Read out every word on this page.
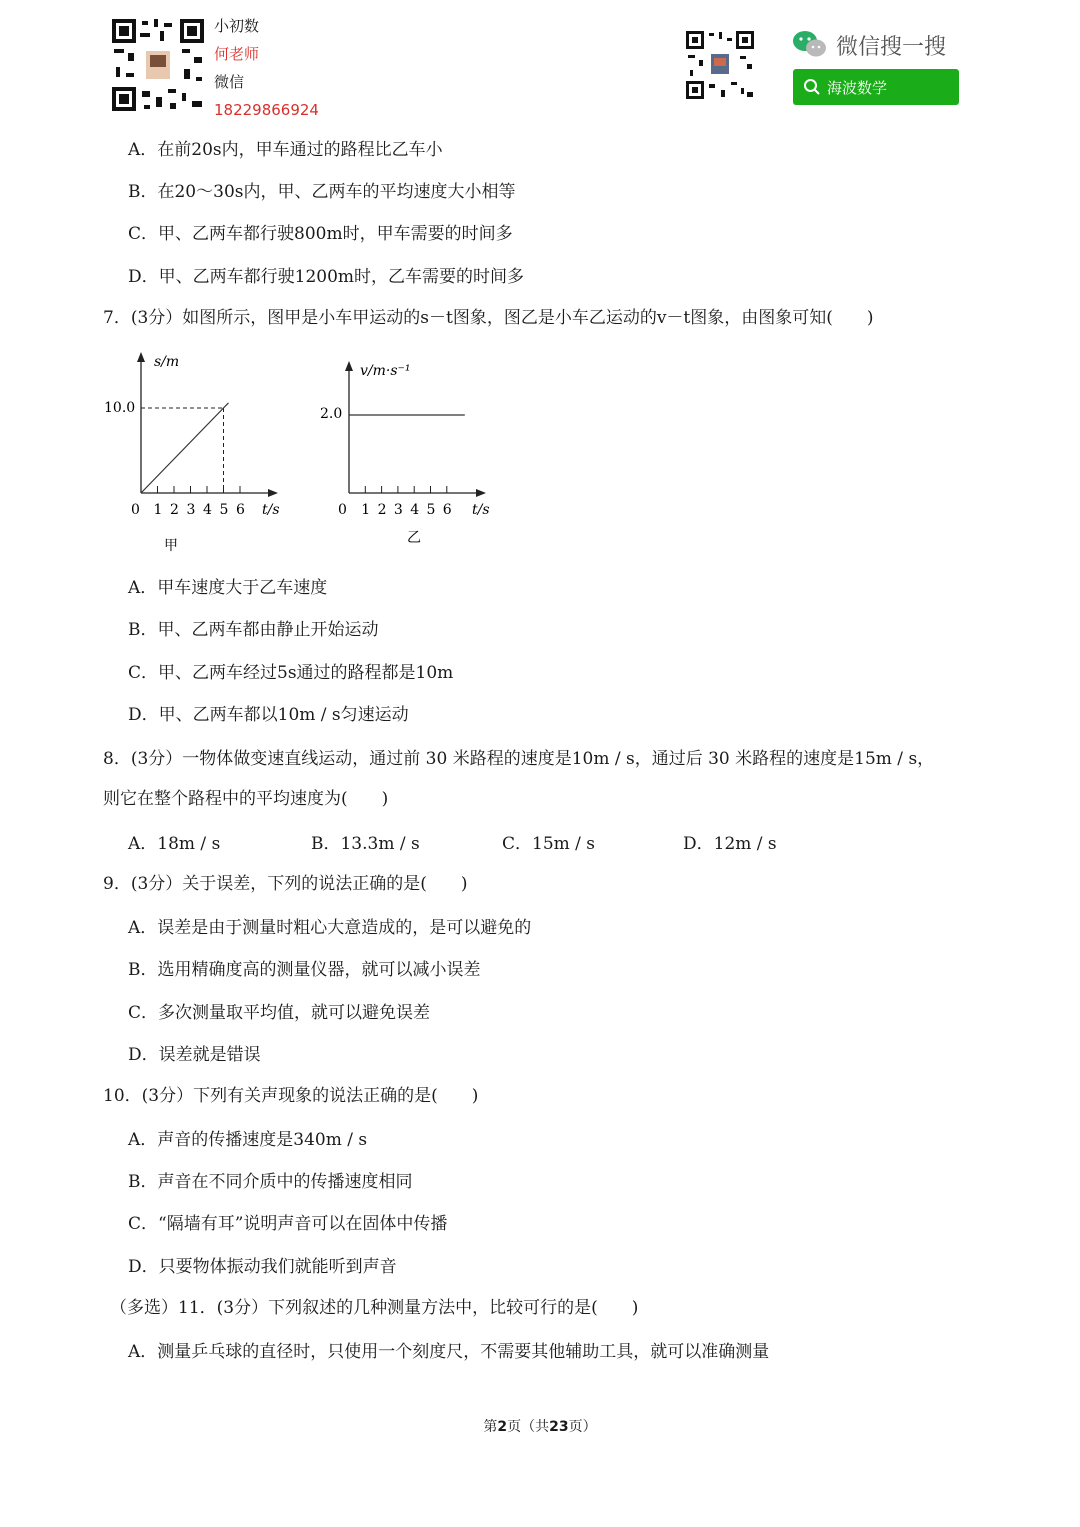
小初数
何老师
微信
18229866924
微信搜一搜
海波数学
A．在前20s内，甲车通过的路程比乙车小
B．在20～30s内，甲、乙两车的平均速度大小相等
C．甲、乙两车都行驶800m时，甲车需要的时间多
D．甲、乙两车都行驶1200m时，乙车需要的时间多
7．(3分）如图所示，图甲是小车甲运动的s－t图象，图乙是小车乙运动的v－t图象，由图象可知(　　)
s/m
t/s
10.0
甲
0 1 2 3 4 5 6
v/m·s⁻¹
t/s
2.0
乙
0 1 2 3 4 5 6
A．甲车速度大于乙车速度
B．甲、乙两车都由静止开始运动
C．甲、乙两车经过5s通过的路程都是10m
D．甲、乙两车都以10m / s匀速运动
8．(3分）一物体做变速直线运动，通过前 30 米路程的速度是10m / s，通过后 30 米路程的速度是15m / s，
则它在整个路程中的平均速度为(　　)
A．18m / s	B．13.3m / s	C．15m / s	D．12m / s
9．(3分）关于误差，下列的说法正确的是(　　)
A．误差是由于测量时粗心大意造成的，是可以避免的
B．选用精确度高的测量仪器，就可以减小误差
C．多次测量取平均值，就可以避免误差
D．误差就是错误
10．(3分）下列有关声现象的说法正确的是(　　)
A．声音的传播速度是340m / s
B．声音在不同介质中的传播速度相同
C．“隔墙有耳”说明声音可以在固体中传播
D．只要物体振动我们就能听到声音
（多选）11．(3分）下列叙述的几种测量方法中，比较可行的是(　　)
A．测量乒乓球的直径时，只使用一个刻度尺，不需要其他辅助工具，就可以准确测量
第2页（共23页）
